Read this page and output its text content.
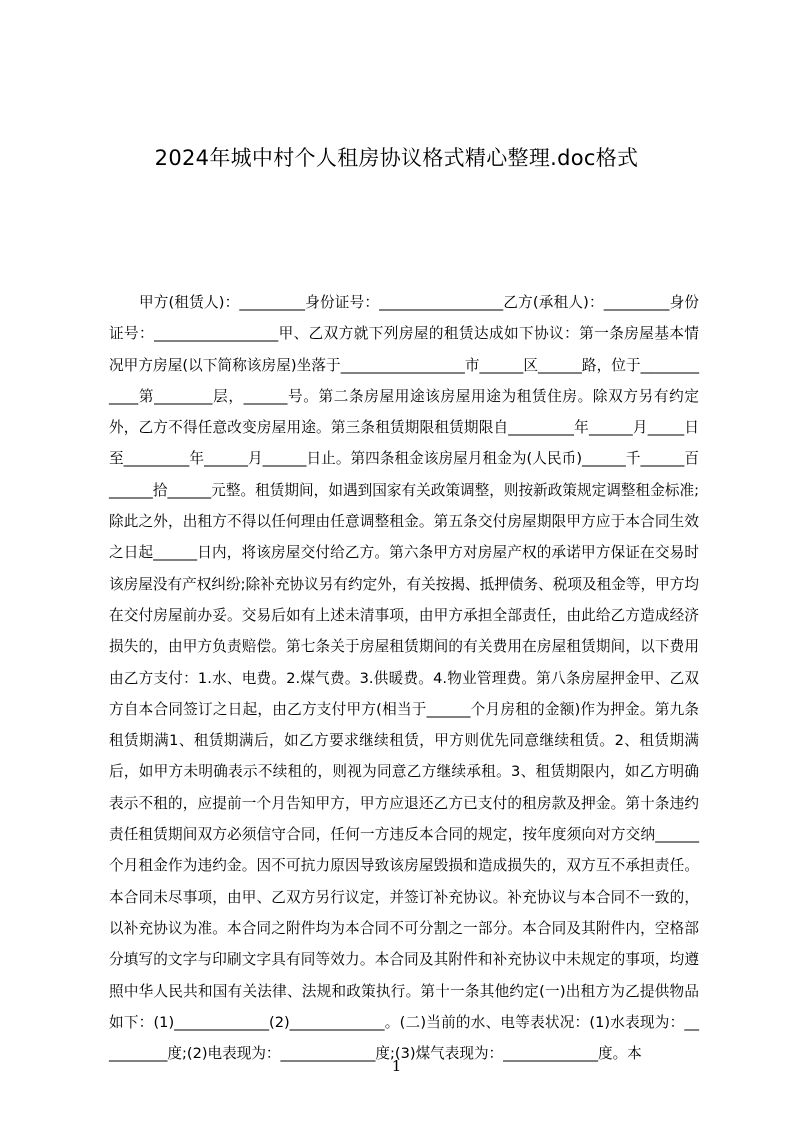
2024年城中村个人租房协议格式精心整理.doc格式

甲方(租赁人)：_________身份证号：_________________乙方(承租人)：_________身份证号：_________________甲、乙双方就下列房屋的租赁达成如下协议：第一条房屋基本情况甲方房屋(以下简称该房屋)坐落于_________________市______区______路，位于____________第________层，______号。第二条房屋用途该房屋用途为租赁住房。除双方另有约定外，乙方不得任意改变房屋用途。第三条租赁期限租赁期限自_________年______月_____日至_________年______月______日止。第四条租金该房屋月租金为(人民币)______千______百______拾______元整。租赁期间，如遇到国家有关政策调整，则按新政策规定调整租金标准;除此之外，出租方不得以任何理由任意调整租金。第五条交付房屋期限甲方应于本合同生效之日起______日内，将该房屋交付给乙方。第六条甲方对房屋产权的承诺甲方保证在交易时该房屋没有产权纠纷;除补充协议另有约定外，有关按揭、抵押债务、税项及租金等，甲方均在交付房屋前办妥。交易后如有上述未清事项，由甲方承担全部责任，由此给乙方造成经济损失的，由甲方负责赔偿。第七条关于房屋租赁期间的有关费用在房屋租赁期间，以下费用由乙方支付：1.水、电费。2.煤气费。3.供暖费。4.物业管理费。第八条房屋押金甲、乙双方自本合同签订之日起，由乙方支付甲方(相当于______个月房租的金额)作为押金。第九条租赁期满1、租赁期满后，如乙方要求继续租赁，甲方则优先同意继续租赁。2、租赁期满后，如甲方未明确表示不续租的，则视为同意乙方继续承租。3、租赁期限内，如乙方明确表示不租的，应提前一个月告知甲方，甲方应退还乙方已支付的租房款及押金。第十条违约责任租赁期间双方必须信守合同，任何一方违反本合同的规定，按年度须向对方交纳______个月租金作为违约金。因不可抗力原因导致该房屋毁损和造成损失的，双方互不承担责任。本合同未尽事项，由甲、乙双方另行议定，并签订补充协议。补充协议与本合同不一致的，以补充协议为准。本合同之附件均为本合同不可分割之一部分。本合同及其附件内，空格部分填写的文字与印刷文字具有同等效力。本合同及其附件和补充协议中未规定的事项，均遵照中华人民共和国有关法律、法规和政策执行。第十一条其他约定(一)出租方为乙提供物品如下：(1)_____________(2)_____________。(二)当前的水、电等表状况：(1)水表现为：__________度;(2)电表现为：_____________度;(3)煤气表现为：_____________度。本

1
